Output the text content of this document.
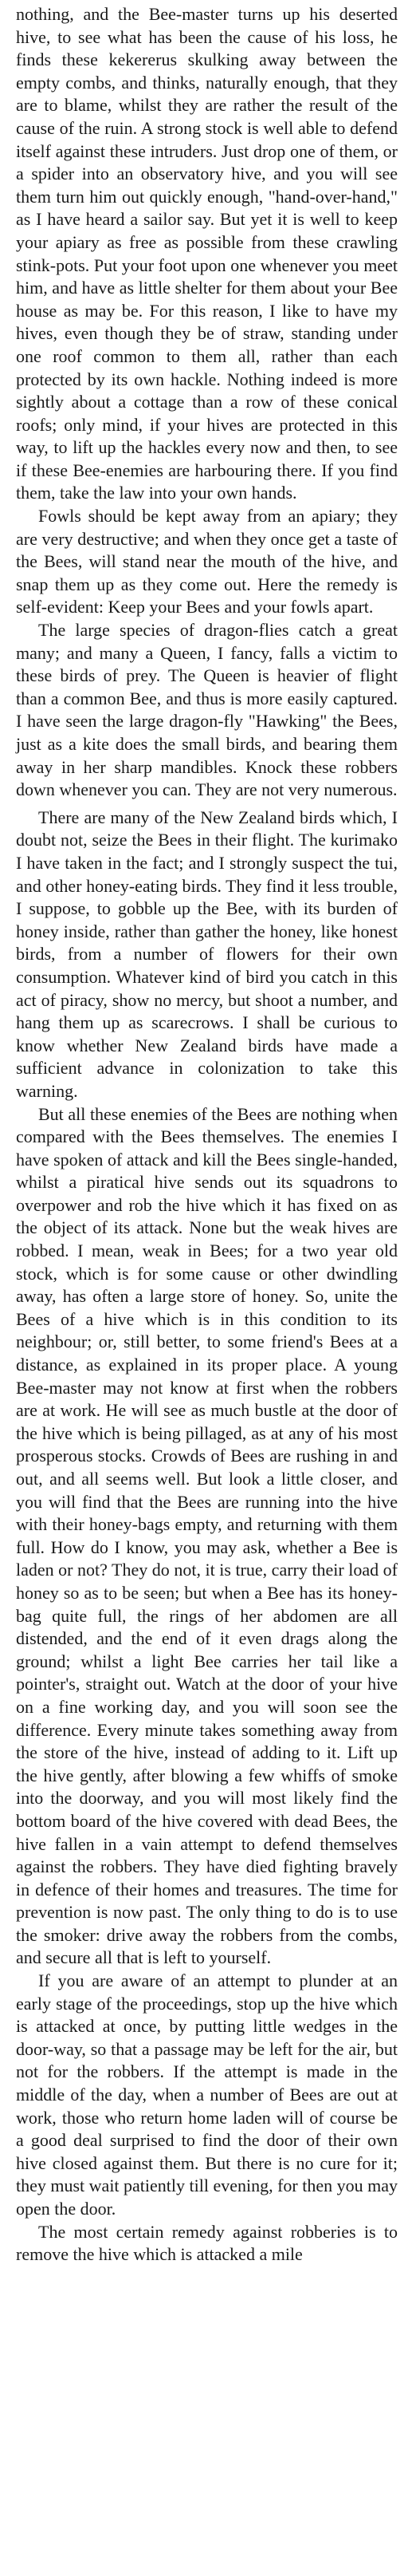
nothing, and the Bee-master turns up his deserted hive, to see what has been the cause of his loss, he finds these kekererus skulking away between the empty combs, and thinks, naturally enough, that they are to blame, whilst they are rather the result of the cause of the ruin. A strong stock is well able to defend itself against these intruders. Just drop one of them, or a spider into an observatory hive, and you will see them turn him out quickly enough, "hand-over-hand," as I have heard a sailor say. But yet it is well to keep your apiary as free as possible from these crawling stink-pots. Put your foot upon one whenever you meet him, and have as little shelter for them about your Bee house as may be. For this reason, I like to have my hives, even though they be of straw, standing under one roof common to them all, rather than each protected by its own hackle. Nothing indeed is more sightly about a cottage than a row of these conical roofs; only mind, if your hives are protected in this way, to lift up the hackles every now and then, to see if these Bee-enemies are harbouring there. If you find them, take the law into your own hands.

Fowls should be kept away from an apiary; they are very destructive; and when they once get a taste of the Bees, will stand near the mouth of the hive, and snap them up as they come out. Here the remedy is self-evident: Keep your Bees and your fowls apart.

The large species of dragon-flies catch a great many; and many a Queen, I fancy, falls a victim to these birds of prey. The Queen is heavier of flight than a common Bee, and thus is more easily captured. I have seen the large dragon-fly "Hawking" the Bees, just as a kite does the small birds, and bearing them away in her sharp mandibles. Knock these robbers down whenever you can. They are not very numerous.

There are many of the New Zealand birds which, I doubt not, seize the Bees in their flight. The kurimako I have taken in the fact; and I strongly suspect the tui, and other honey-eating birds. They find it less trouble, I suppose, to gobble up the Bee, with its burden of honey inside, rather than gather the honey, like honest birds, from a number of flowers for their own consumption. Whatever kind of bird you catch in this act of piracy, show no mercy, but shoot a number, and hang them up as scarecrows. I shall be curious to know whether New Zealand birds have made a sufficient advance in colonization to take this warning.

But all these enemies of the Bees are nothing when compared with the Bees themselves. The enemies I have spoken of attack and kill the Bees single-handed, whilst a piratical hive sends out its squadrons to overpower and rob the hive which it has fixed on as the object of its attack. None but the weak hives are robbed. I mean, weak in Bees; for a two year old stock, which is for some cause or other dwindling away, has often a large store of honey. So, unite the Bees of a hive which is in this condition to its neighbour; or, still better, to some friend's Bees at a distance, as explained in its proper place. A young Bee-master may not know at first when the robbers are at work. He will see as much bustle at the door of the hive which is being pillaged, as at any of his most prosperous stocks. Crowds of Bees are rushing in and out, and all seems well. But look a little closer, and you will find that the Bees are running into the hive with their honey-bags empty, and returning with them full. How do I know, you may ask, whether a Bee is laden or not? They do not, it is true, carry their load of honey so as to be seen; but when a Bee has its honey-bag quite full, the rings of her abdomen are all distended, and the end of it even drags along the ground; whilst a light Bee carries her tail like a pointer's, straight out. Watch at the door of your hive on a fine working day, and you will soon see the difference. Every minute takes something away from the store of the hive, instead of adding to it. Lift up the hive gently, after blowing a few whiffs of smoke into the doorway, and you will most likely find the bottom board of the hive covered with dead Bees, the hive fallen in a vain attempt to defend themselves against the robbers. They have died fighting bravely in defence of their homes and treasures. The time for prevention is now past. The only thing to do is to use the smoker: drive away the robbers from the combs, and secure all that is left to yourself.

If you are aware of an attempt to plunder at an early stage of the proceedings, stop up the hive which is attacked at once, by putting little wedges in the door-way, so that a passage may be left for the air, but not for the robbers. If the attempt is made in the middle of the day, when a number of Bees are out at work, those who return home laden will of course be a good deal surprised to find the door of their own hive closed against them. But there is no cure for it; they must wait patiently till evening, for then you may open the door.

The most certain remedy against robberies is to remove the hive which is attacked a mile
